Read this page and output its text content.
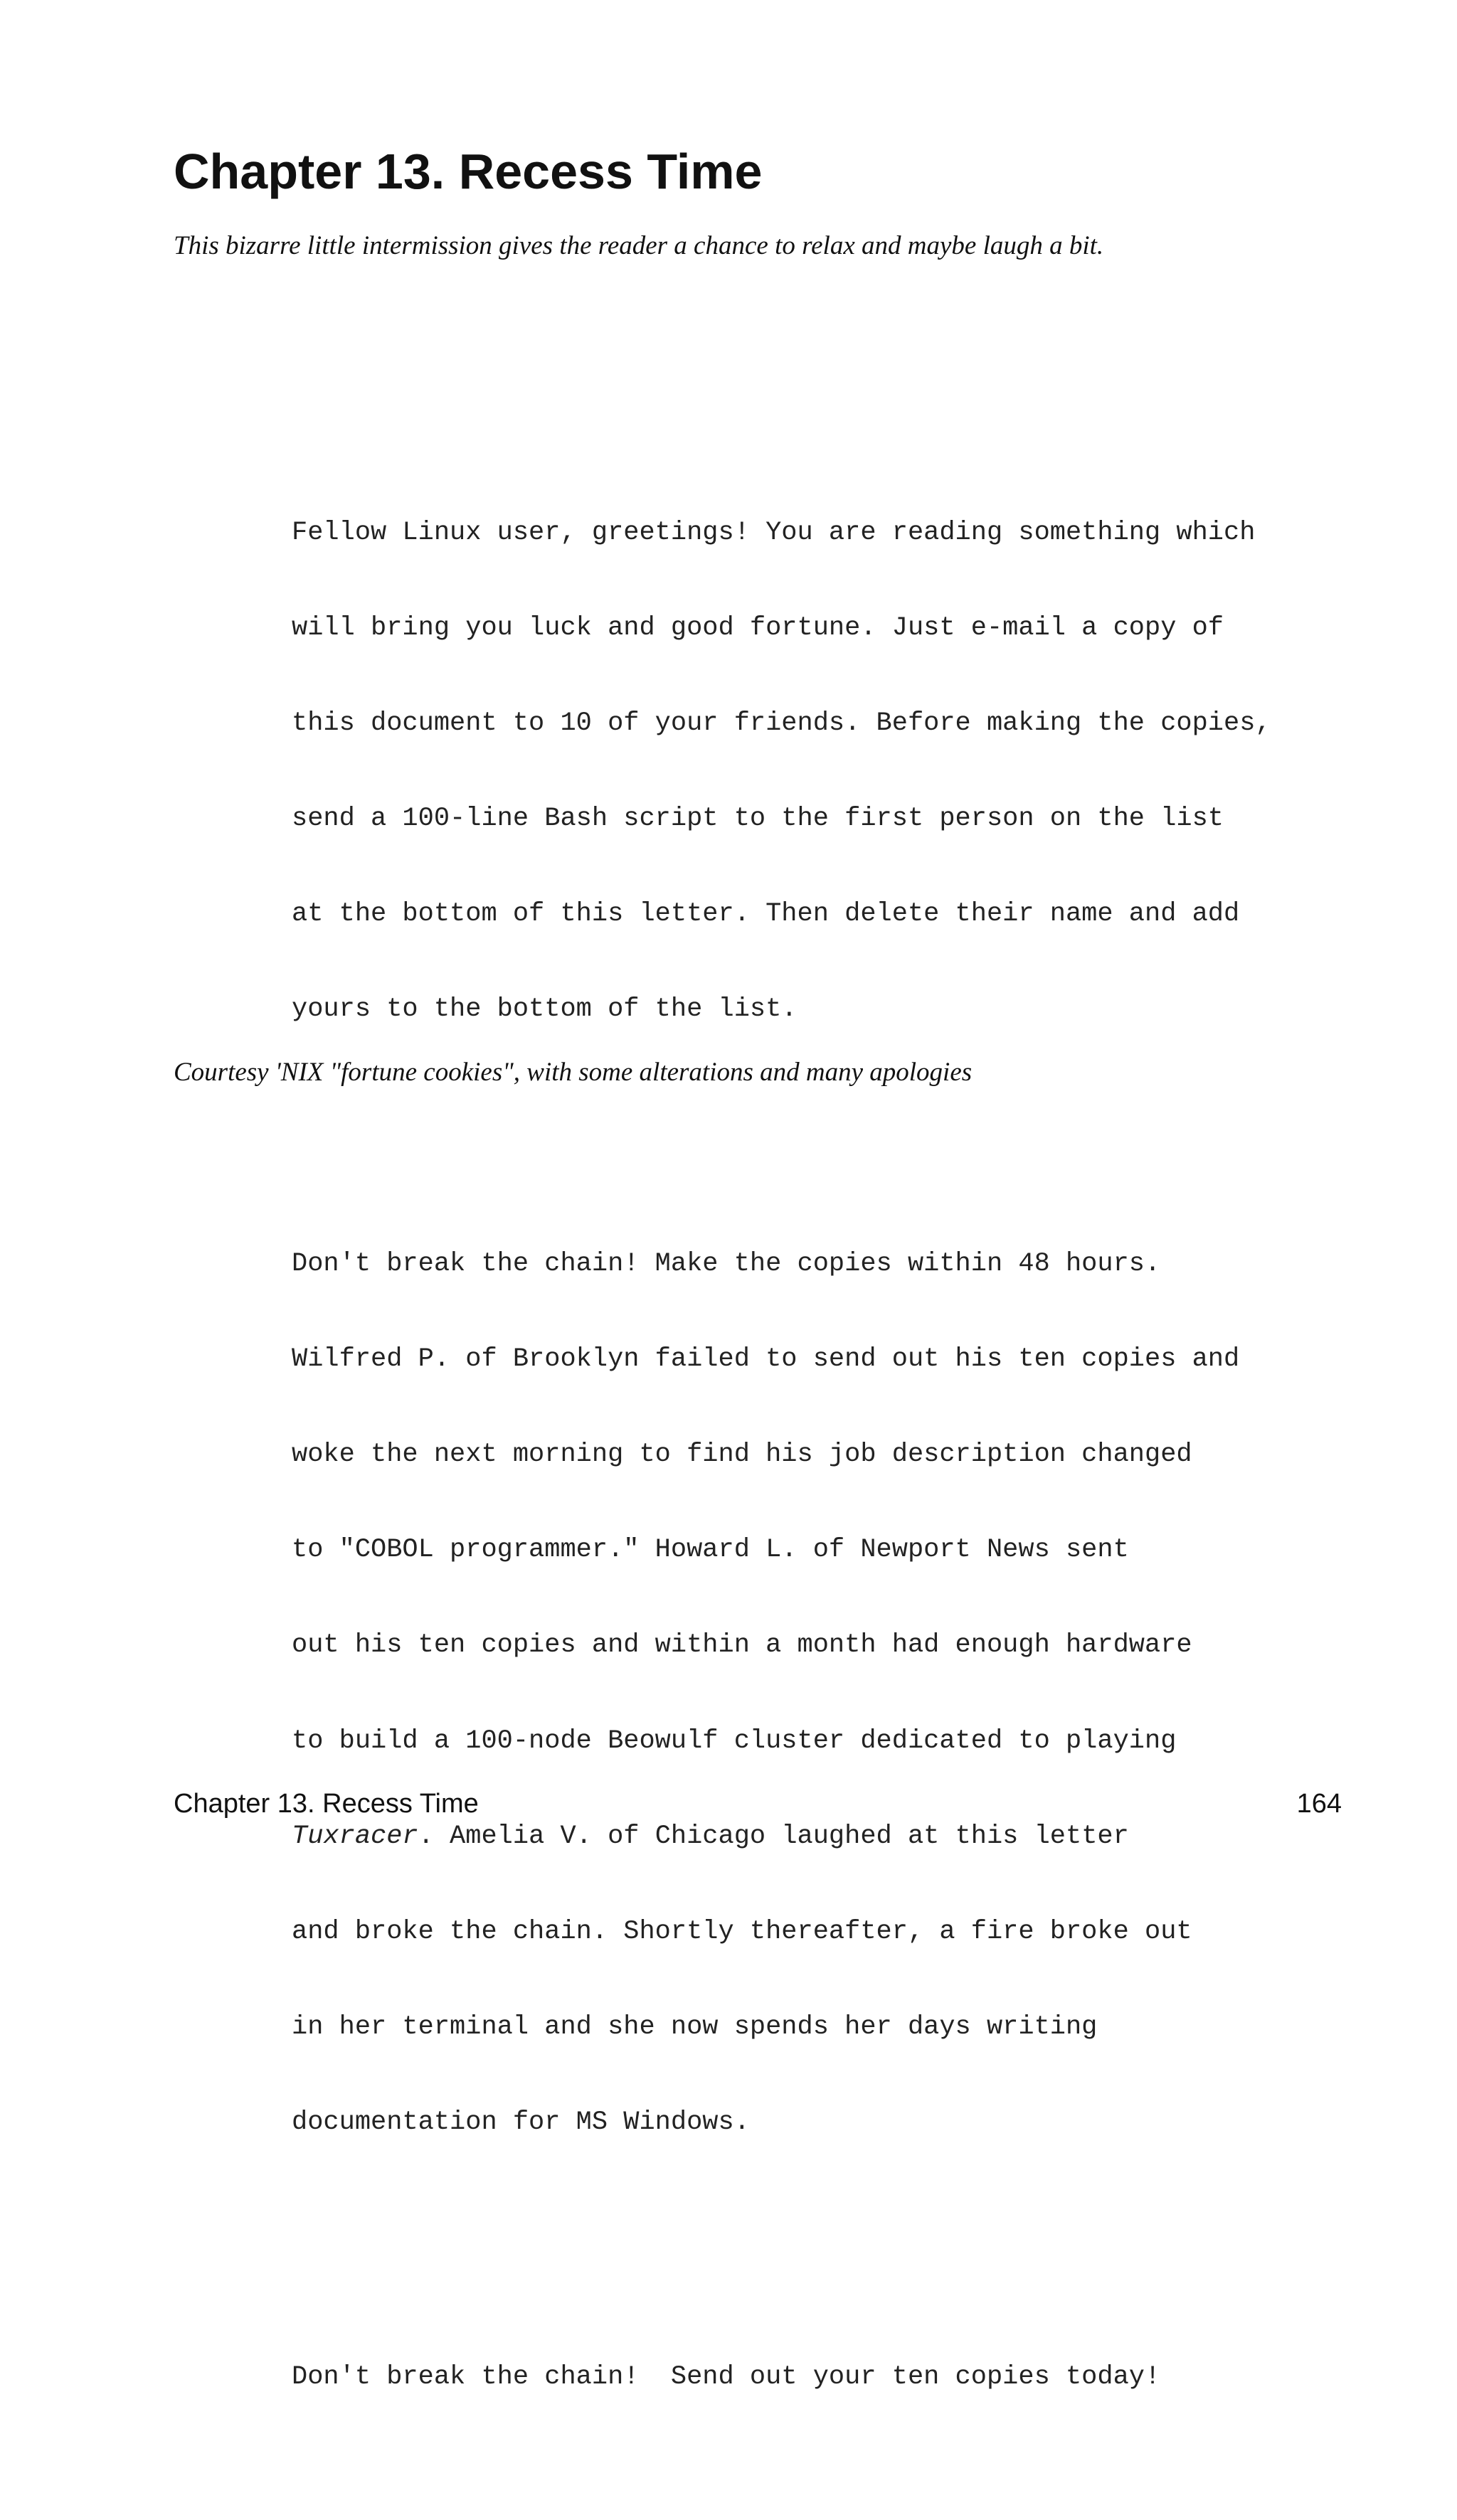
Chapter 13. Recess Time

This bizarre little intermission gives the reader a chance to relax and maybe laugh a bit.

Fellow Linux user, greetings! You are reading something which

will bring you luck and good fortune. Just e-mail a copy of

this document to 10 of your friends. Before making the copies,

send a 100-line Bash script to the first person on the list

at the bottom of this letter. Then delete their name and add

yours to the bottom of the list.

Don't break the chain! Make the copies within 48 hours.

Wilfred P. of Brooklyn failed to send out his ten copies and

woke the next morning to find his job description changed

to "COBOL programmer." Howard L. of Newport News sent

out his ten copies and within a month had enough hardware

to build a 100-node Beowulf cluster dedicated to playing

Tuxracer. Amelia V. of Chicago laughed at this letter

and broke the chain. Shortly thereafter, a fire broke out

in her terminal and she now spends her days writing

documentation for MS Windows.

Don't break the chain!  Send out your ten copies today!

Courtesy 'NIX "fortune cookies", with some alterations and many apologies

Chapter 13. Recess Time	164
